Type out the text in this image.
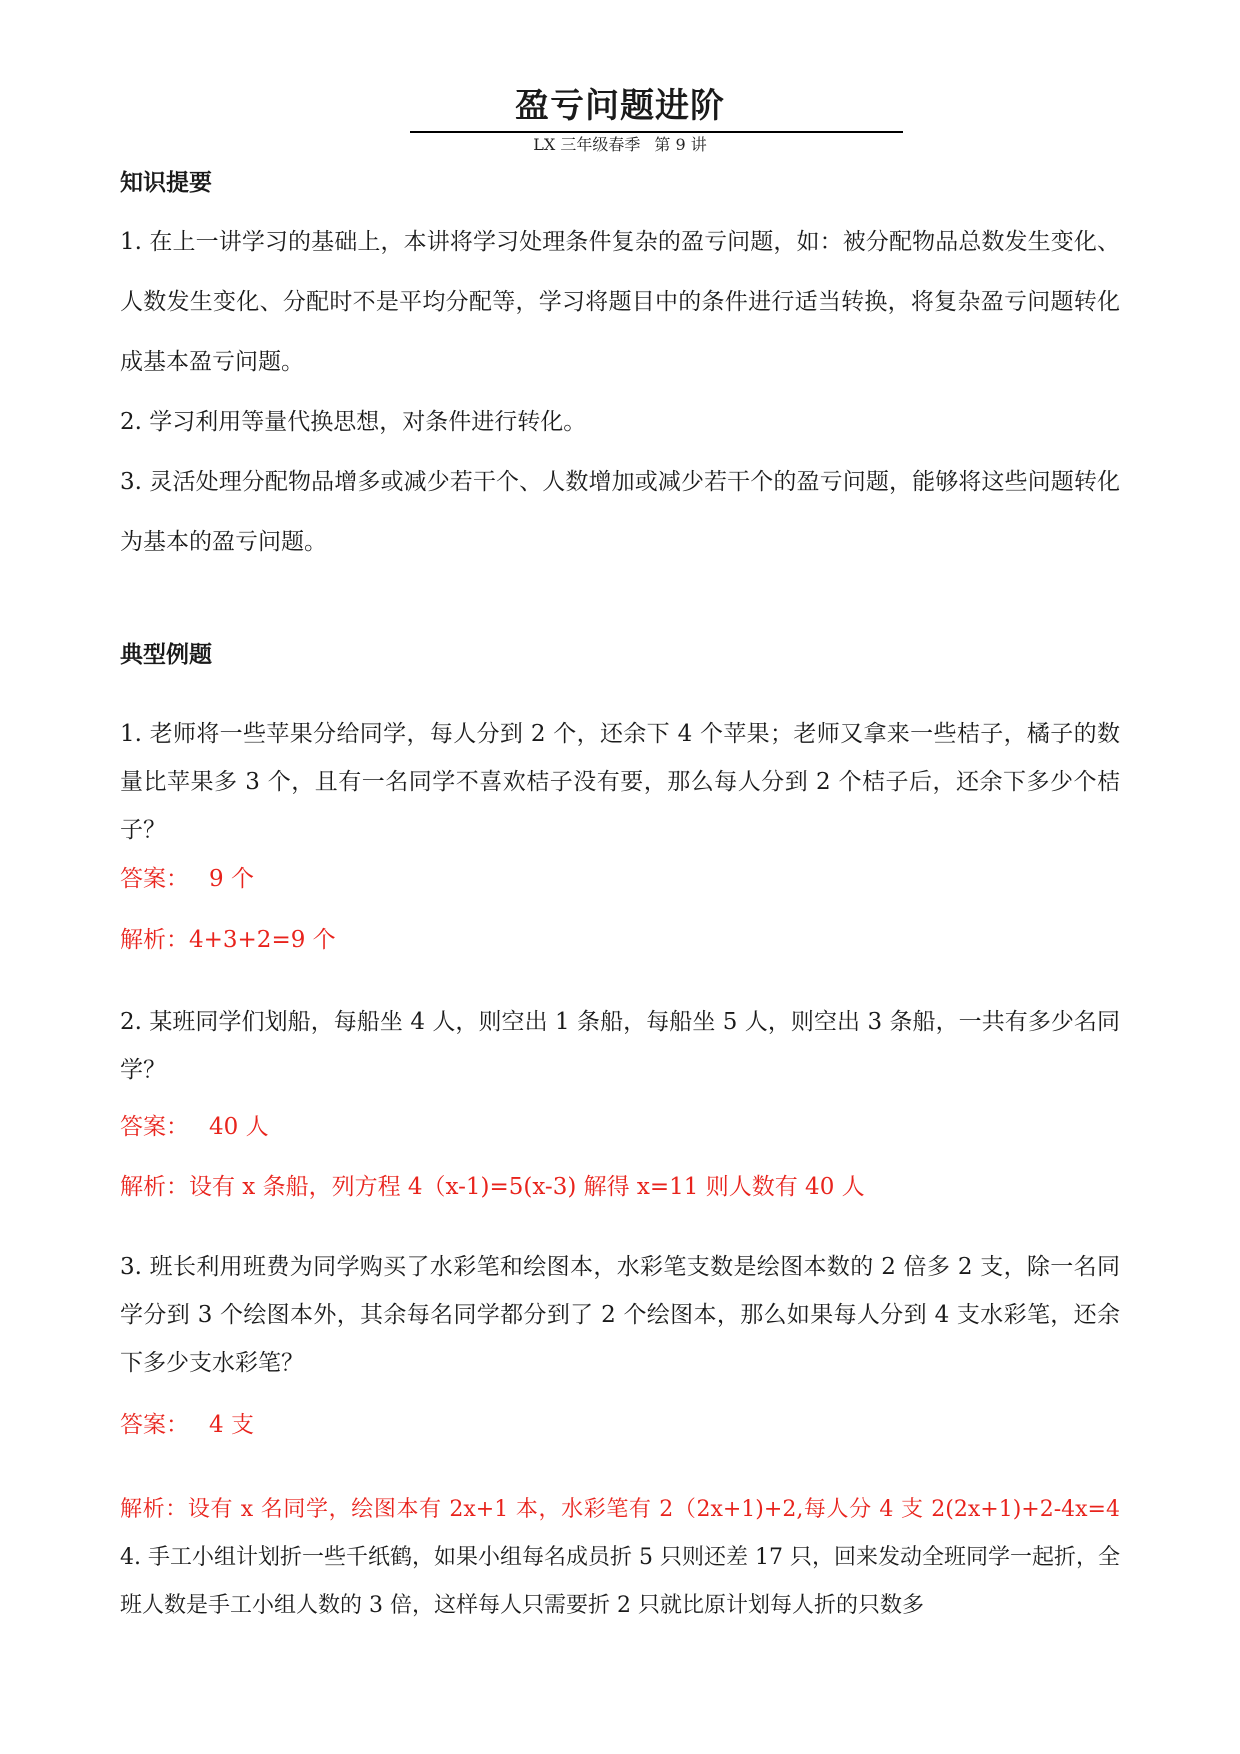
盈亏问题进阶
LX 三年级春季 第 9 讲
知识提要
1. 在上一讲学习的基础上，本讲将学习处理条件复杂的盈亏问题，如：被分配物品总数发生变化、人数发生变化、分配时不是平均分配等，学习将题目中的条件进行适当转换，将复杂盈亏问题转化成基本盈亏问题。
2. 学习利用等量代换思想，对条件进行转化。
3. 灵活处理分配物品增多或减少若干个、人数增加或减少若干个的盈亏问题，能够将这些问题转化为基本的盈亏问题。
典型例题
1. 老师将一些苹果分给同学，每人分到 2 个，还余下 4 个苹果；老师又拿来一些桔子，橘子的数量比苹果多 3 个，且有一名同学不喜欢桔子没有要，那么每人分到 2 个桔子后，还余下多少个桔子？
答案： 9 个
解析：4+3+2=9 个
2. 某班同学们划船，每船坐 4 人，则空出 1 条船，每船坐 5 人，则空出 3 条船，一共有多少名同学？
答案： 40 人
解析：设有 x 条船，列方程 4（x-1)=5(x-3) 解得 x=11 则人数有 40 人
3. 班长利用班费为同学购买了水彩笔和绘图本，水彩笔支数是绘图本数的 2 倍多 2 支，除一名同学分到 3 个绘图本外，其余每名同学都分到了 2 个绘图本，那么如果每人分到 4 支水彩笔，还余下多少支水彩笔？
答案： 4 支
解析：设有 x 名同学，绘图本有 2x+1 本，水彩笔有 2（2x+1)+2,每人分 4 支 2(2x+1)+2-4x=4 4. 手工小组计划折一些千纸鹤，如果小组每名成员折 5 只则还差 17 只，回来发动全班同学一起折，全班人数是手工小组人数的 3 倍，这样每人只需要折 2 只就比原计划每人折的只数多
